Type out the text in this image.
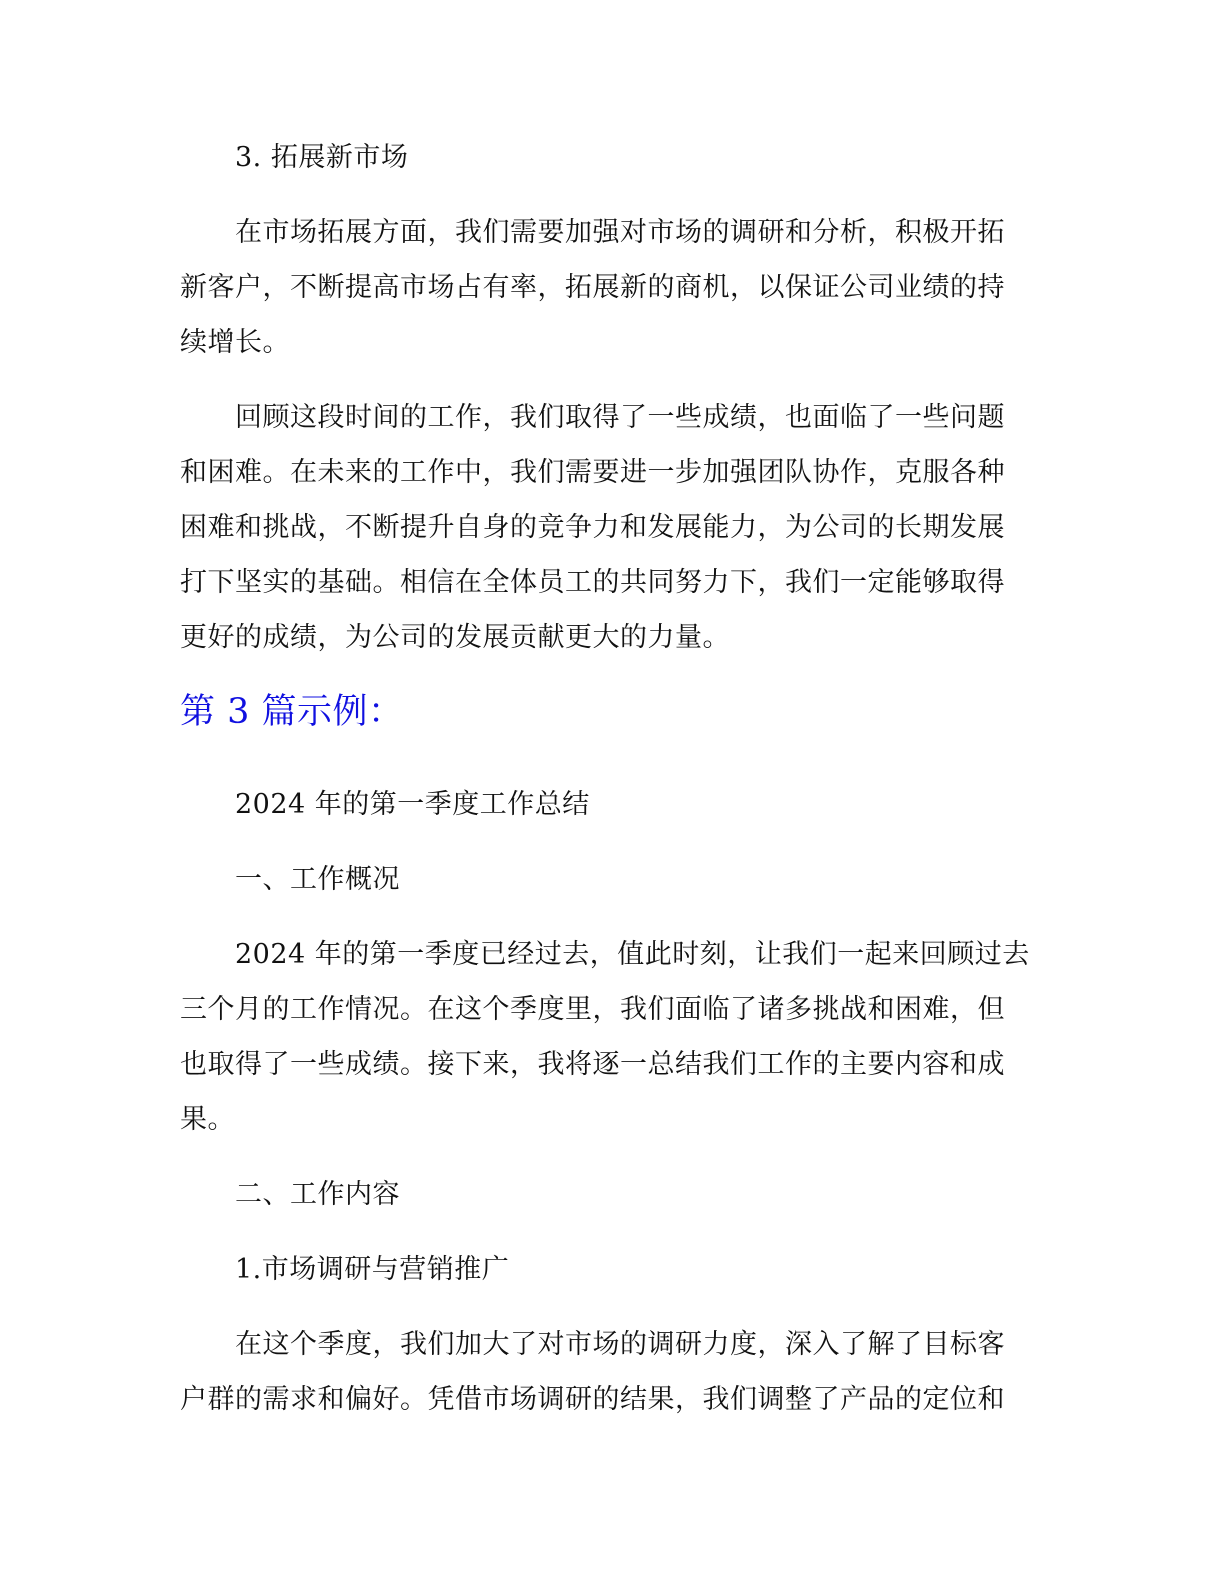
3. 拓展新市场

在市场拓展方面，我们需要加强对市场的调研和分析，积极开拓新客户，不断提高市场占有率，拓展新的商机，以保证公司业绩的持续增长。

回顾这段时间的工作，我们取得了一些成绩，也面临了一些问题和困难。在未来的工作中，我们需要进一步加强团队协作，克服各种困难和挑战，不断提升自身的竞争力和发展能力，为公司的长期发展打下坚实的基础。相信在全体员工的共同努力下，我们一定能够取得更好的成绩，为公司的发展贡献更大的力量。

第 3 篇示例：

2024 年的第一季度工作总结

一、工作概况

2024 年的第一季度已经过去，值此时刻，让我们一起来回顾过去三个月的工作情况。在这个季度里，我们面临了诸多挑战和困难，但也取得了一些成绩。接下来，我将逐一总结我们工作的主要内容和成果。

二、工作内容

1.市场调研与营销推广

在这个季度，我们加大了对市场的调研力度，深入了解了目标客户群的需求和偏好。凭借市场调研的结果，我们调整了产品的定位和
